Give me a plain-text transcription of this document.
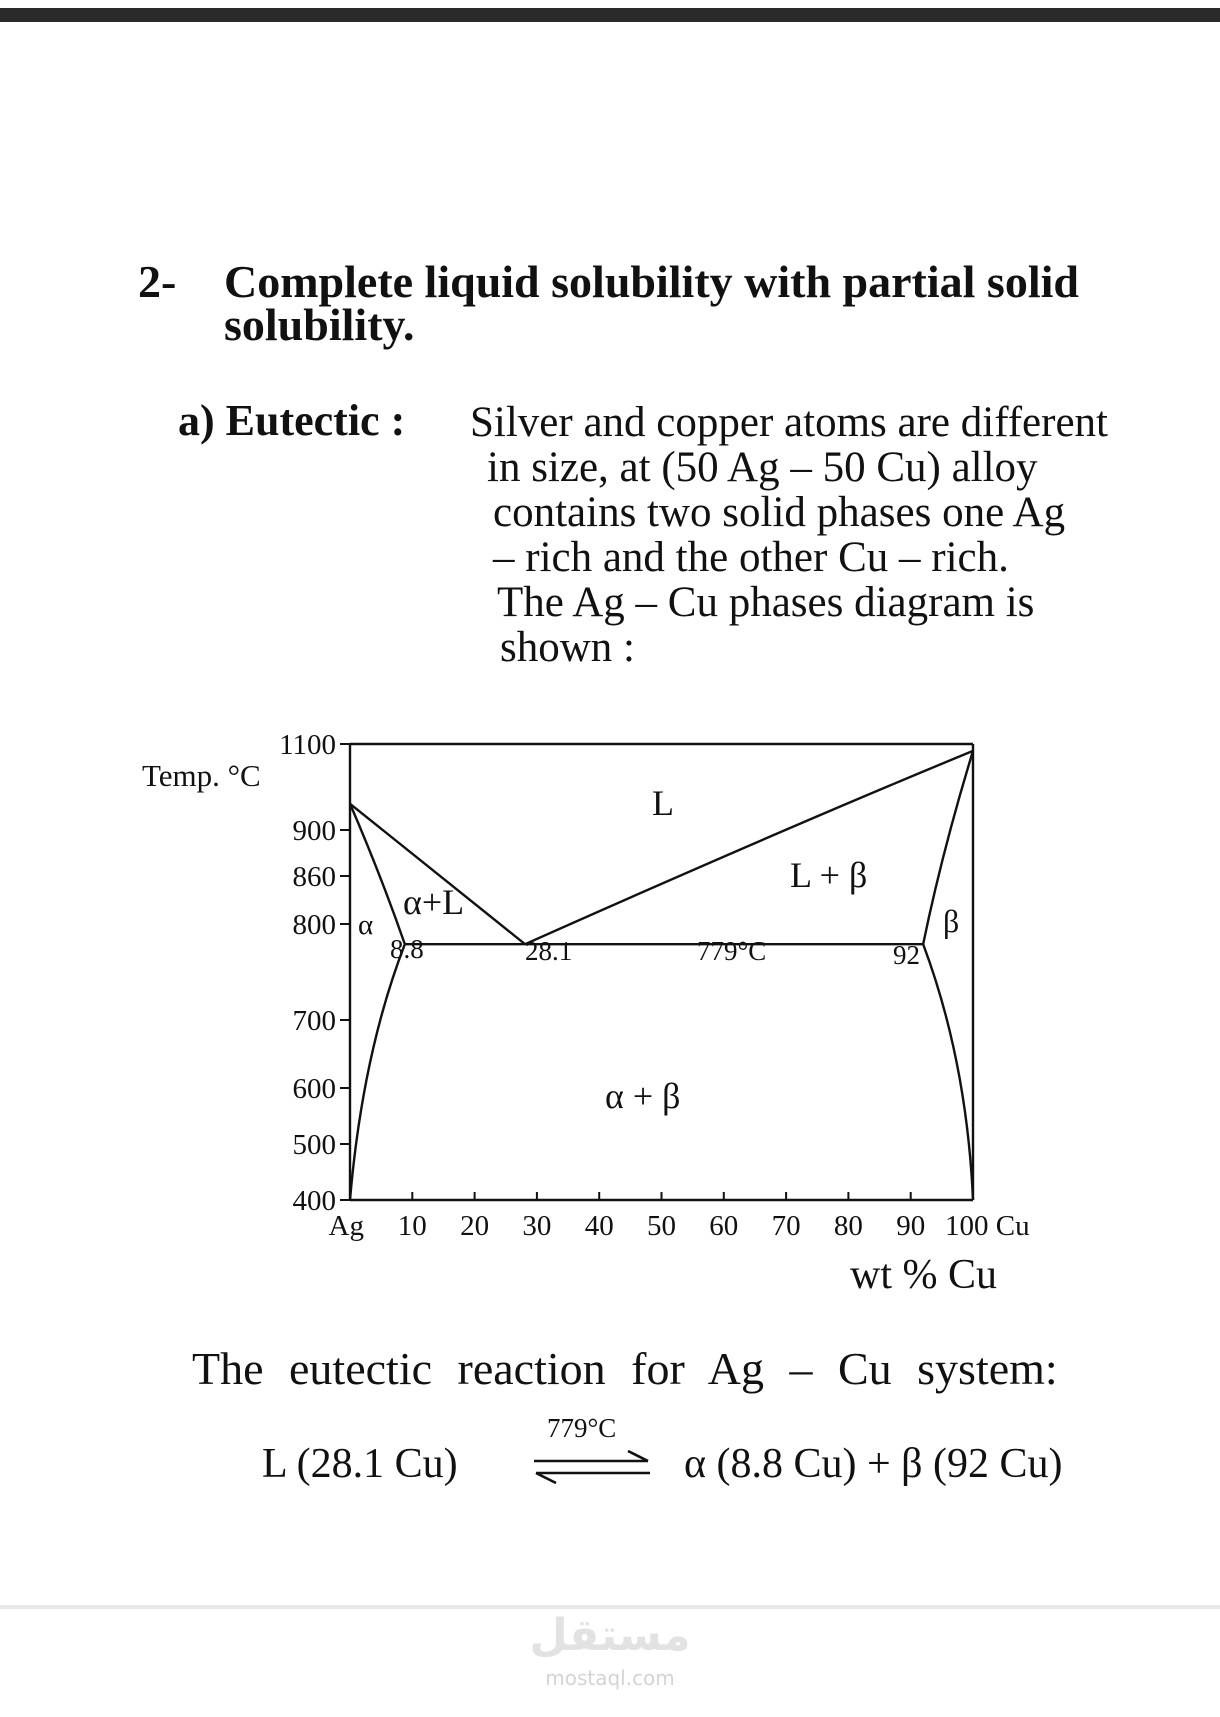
2- Complete liquid solubility with partial solid
solubility.
a) Eutectic : Silver and copper atoms are different
in size, at (50 Ag – 50 Cu) alloy
contains two solid phases one Ag
– rich and the other Cu – rich.
The Ag – Cu phases diagram is
shown :
1100
900
860
800
700
600
500
400
Ag 10 20 30 40 50 60 70 80 90 100 Cu
Temp. °C
wt % Cu
L
L + β
α+L
α	β
α + β
8.8	28.1	779°C	92
The eutectic reaction for Ag – Cu system:
L (28.1 Cu)
779°C
α (8.8 Cu) + β (92 Cu)
مستقل
mostaql.com
